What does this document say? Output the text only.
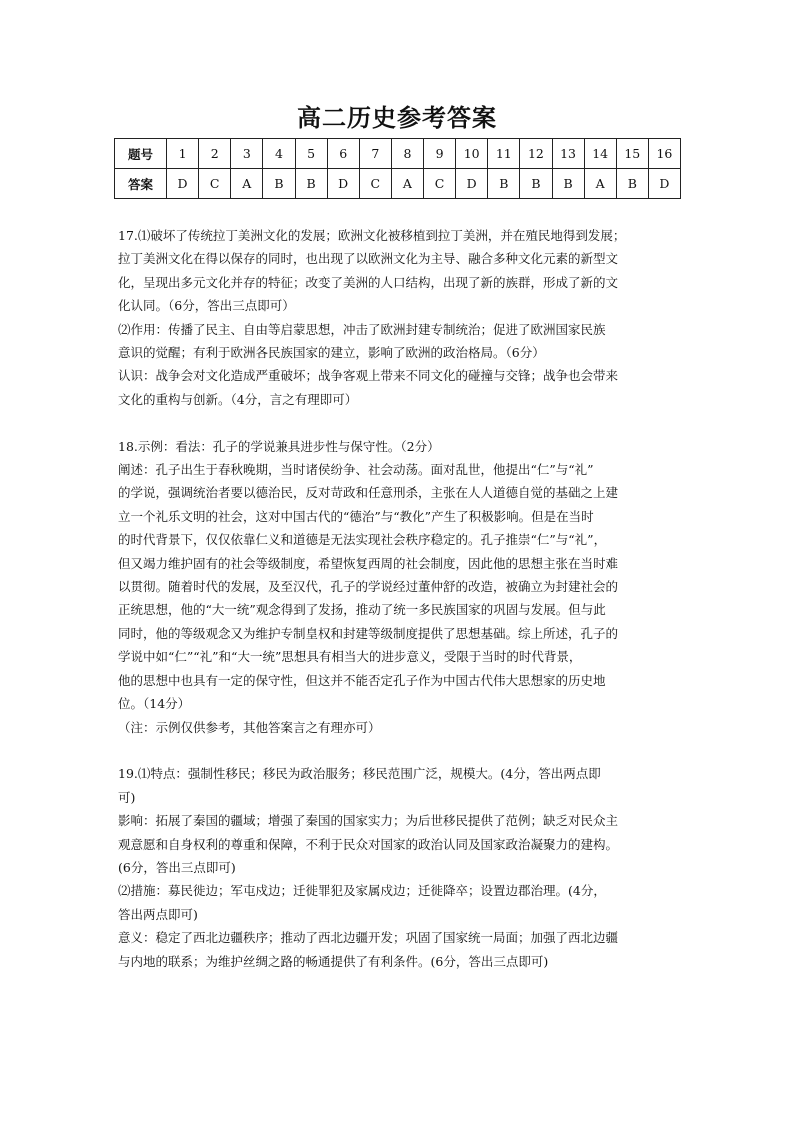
高二历史参考答案
题号	1	2	3	4	5	6	7	8	9	10	11	12	13	14	15	16
答案	D	C	A	B	B	D	C	A	C	D	B	B	B	A	B	D
17.⑴破坏了传统拉丁美洲文化的发展；欧洲文化被移植到拉丁美洲，并在殖民地得到发展；
拉丁美洲文化在得以保存的同时，也出现了以欧洲文化为主导、融合多种文化元素的新型文
化，呈现出多元文化并存的特征；改变了美洲的人口结构，出现了新的族群，形成了新的文
化认同。（6分，答出三点即可）
⑵作用：传播了民主、自由等启蒙思想，冲击了欧洲封建专制统治；促进了欧洲国家民族
意识的觉醒；有利于欧洲各民族国家的建立，影响了欧洲的政治格局。（6分）
认识：战争会对文化造成严重破坏；战争客观上带来不同文化的碰撞与交锋；战争也会带来
文化的重构与创新。（4分，言之有理即可）
18.示例：看法：孔子的学说兼具进步性与保守性。（2分）
阐述：孔子出生于春秋晚期，当时诸侯纷争、社会动荡。面对乱世，他提出“仁”与“礼”
的学说，强调统治者要以德治民，反对苛政和任意刑杀，主张在人人道德自觉的基础之上建
立一个礼乐文明的社会，这对中国古代的“德治”与“教化”产生了积极影响。但是在当时
的时代背景下，仅仅依靠仁义和道德是无法实现社会秩序稳定的。孔子推崇“仁”与“礼”，
但又竭力维护固有的社会等级制度，希望恢复西周的社会制度，因此他的思想主张在当时难
以贯彻。随着时代的发展，及至汉代，孔子的学说经过董仲舒的改造，被确立为封建社会的
正统思想，他的“大一统”观念得到了发扬，推动了统一多民族国家的巩固与发展。但与此
同时，他的等级观念又为维护专制皇权和封建等级制度提供了思想基础。综上所述，孔子的
学说中如“仁”“礼”和“大一统”思想具有相当大的进步意义，受限于当时的时代背景，
他的思想中也具有一定的保守性，但这并不能否定孔子作为中国古代伟大思想家的历史地
位。（14分）
（注：示例仅供参考，其他答案言之有理亦可）
19.⑴特点：强制性移民；移民为政治服务；移民范围广泛，规模大。(4分，答出两点即
可)
影响：拓展了秦国的疆域；增强了秦国的国家实力；为后世移民提供了范例；缺乏对民众主
观意愿和自身权利的尊重和保障，不利于民众对国家的政治认同及国家政治凝聚力的建构。
(6分，答出三点即可)
⑵措施：募民徙边；军屯戍边；迁徙罪犯及家属戍边；迁徙降卒；设置边郡治理。(4分，
答出两点即可)
意义：稳定了西北边疆秩序；推动了西北边疆开发；巩固了国家统一局面；加强了西北边疆
与内地的联系；为维护丝绸之路的畅通提供了有利条件。(6分，答出三点即可)
